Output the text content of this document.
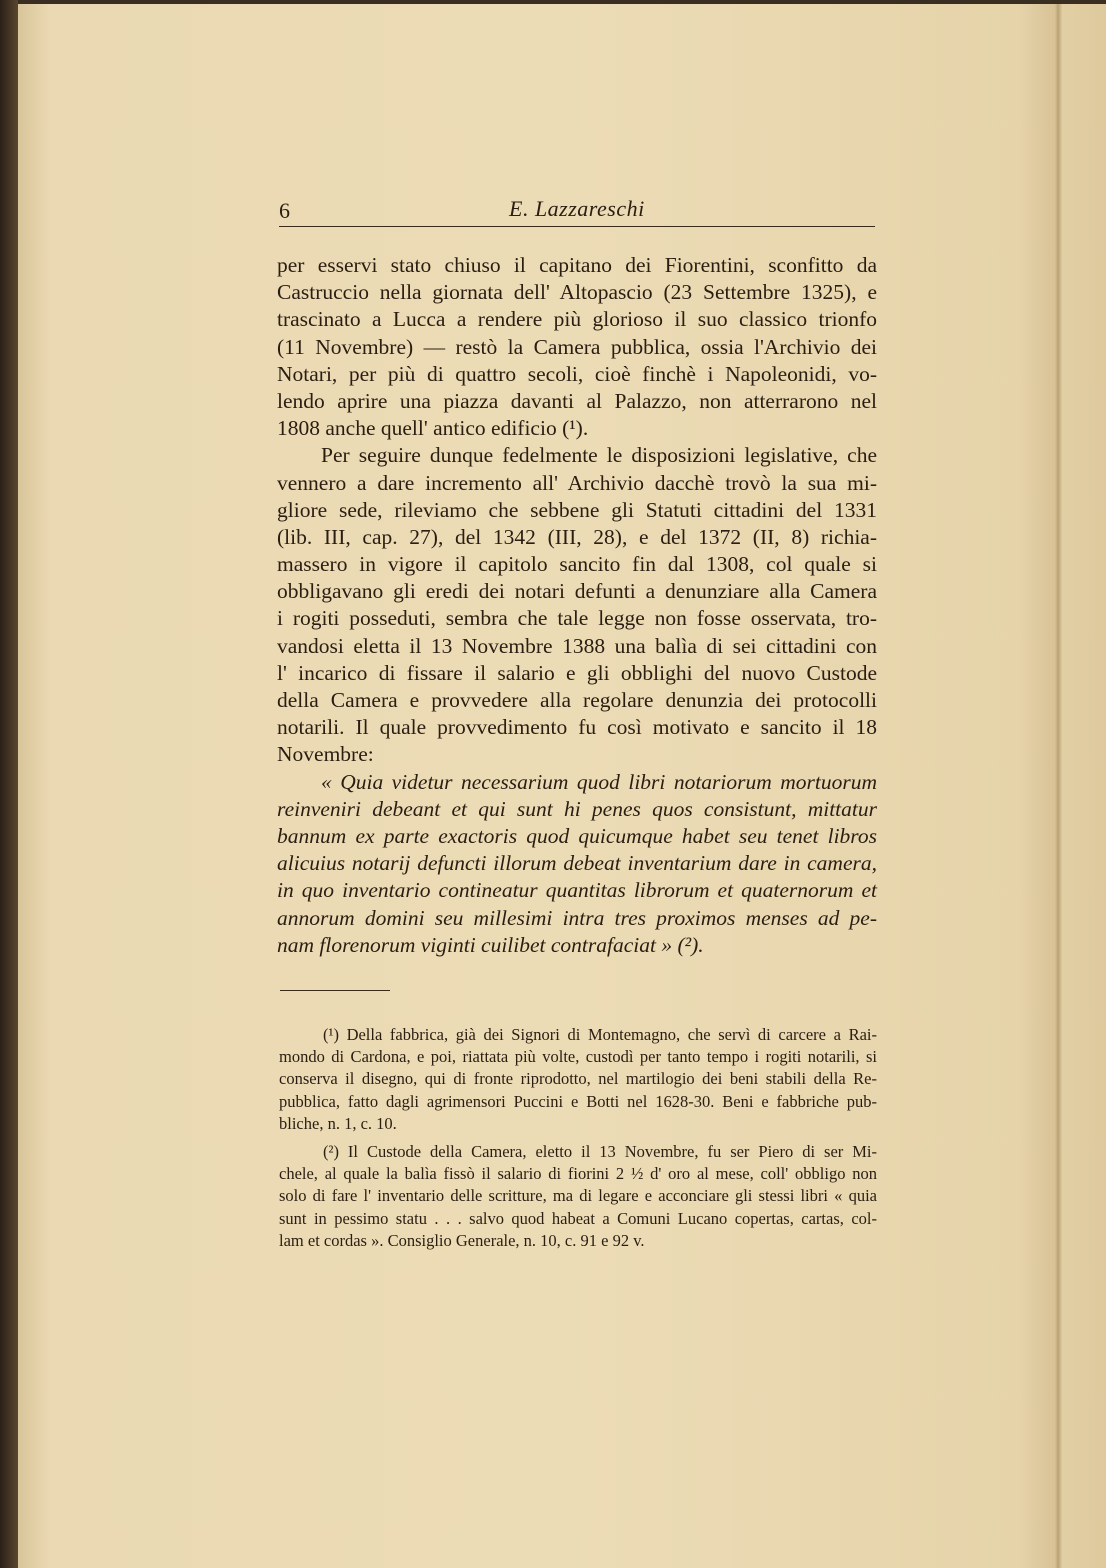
6	E. Lazzareschi
per esservi stato chiuso il capitano dei Fiorentini, sconfitto da
Castruccio nella giornata dell' Altopascio (23 Settembre 1325), e
trascinato a Lucca a rendere più glorioso il suo classico trionfo
(11 Novembre) — restò la Camera pubblica, ossia l'Archivio dei
Notari, per più di quattro secoli, cioè finchè i Napoleonidi, vo-
lendo aprire una piazza davanti al Palazzo, non atterrarono nel
1808 anche quell' antico edificio (¹).
Per seguire dunque fedelmente le disposizioni legislative, che
vennero a dare incremento all' Archivio dacchè trovò la sua mi-
gliore sede, rileviamo che sebbene gli Statuti cittadini del 1331
(lib. III, cap. 27), del 1342 (III, 28), e del 1372 (II, 8) richia-
massero in vigore il capitolo sancito fin dal 1308, col quale si
obbligavano gli eredi dei notari defunti a denunziare alla Camera
i rogiti posseduti, sembra che tale legge non fosse osservata, tro-
vandosi eletta il 13 Novembre 1388 una balìa di sei cittadini con
l' incarico di fissare il salario e gli obblighi del nuovo Custode
della Camera e provvedere alla regolare denunzia dei protocolli
notarili. Il quale provvedimento fu così motivato e sancito il 18
Novembre:
« Quia videtur necessarium quod libri notariorum mortuorum
reinveniri debeant et qui sunt hi penes quos consistunt, mittatur
bannum ex parte exactoris quod quicumque habet seu tenet libros
alicuius notarij defuncti illorum debeat inventarium dare in camera,
in quo inventario contineatur quantitas librorum et quaternorum et
annorum domini seu millesimi intra tres proximos menses ad pe-
nam florenorum viginti cuilibet contrafaciat » (²).
(¹) Della fabbrica, già dei Signori di Montemagno, che servì di carcere a Rai-
mondo di Cardona, e poi, riattata più volte, custodì per tanto tempo i rogiti notarili, si
conserva il disegno, qui di fronte riprodotto, nel martilogio dei beni stabili della Re-
pubblica, fatto dagli agrimensori Puccini e Botti nel 1628-30. Beni e fabbriche pub-
bliche, n. 1, c. 10.
(²) Il Custode della Camera, eletto il 13 Novembre, fu ser Piero di ser Mi-
chele, al quale la balìa fissò il salario di fiorini 2 ½ d' oro al mese, coll' obbligo non
solo di fare l' inventario delle scritture, ma di legare e acconciare gli stessi libri « quia
sunt in pessimo statu . . . salvo quod habeat a Comuni Lucano copertas, cartas, col-
lam et cordas ». Consiglio Generale, n. 10, c. 91 e 92 v.
